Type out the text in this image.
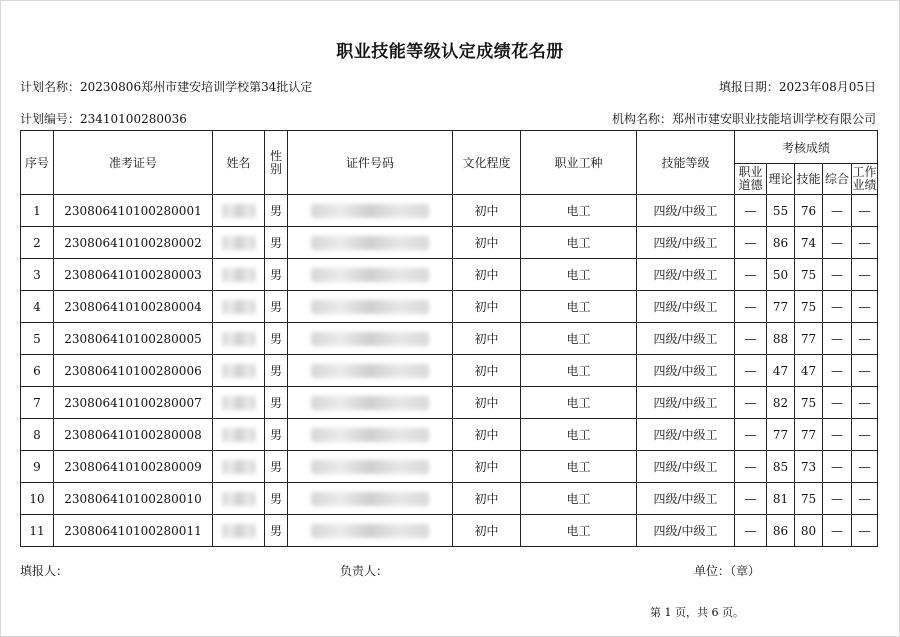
职业技能等级认定成绩花名册
计划名称：20230806郑州市建安培训学校第34批认定	填报日期：2023年08月05日
计划编号：23410100280036	机构名称：郑州市建安职业技能培训学校有限公司
序号	准考证号	姓名	性别	证件号码	文化程度	职业工种	技能等级	考核成绩				
								职业道德	理论	技能	综合	工作业绩
1	230806410100280001		男		初中	电工	四级/中级工	—	55	76	—	—
2	230806410100280002		男		初中	电工	四级/中级工	—	86	74	—	—
3	230806410100280003		男		初中	电工	四级/中级工	—	50	75	—	—
4	230806410100280004		男		初中	电工	四级/中级工	—	77	75	—	—
5	230806410100280005		男		初中	电工	四级/中级工	—	88	77	—	—
6	230806410100280006		男		初中	电工	四级/中级工	—	47	47	—	—
7	230806410100280007		男		初中	电工	四级/中级工	—	82	75	—	—
8	230806410100280008		男		初中	电工	四级/中级工	—	77	77	—	—
9	230806410100280009		男		初中	电工	四级/中级工	—	85	73	—	—
10	230806410100280010		男		初中	电工	四级/中级工	—	81	75	—	—
11	230806410100280011		男		初中	电工	四级/中级工	—	86	80	—	—
填报人：	负责人：	单位：（章）
第 1 页，共 6 页。
